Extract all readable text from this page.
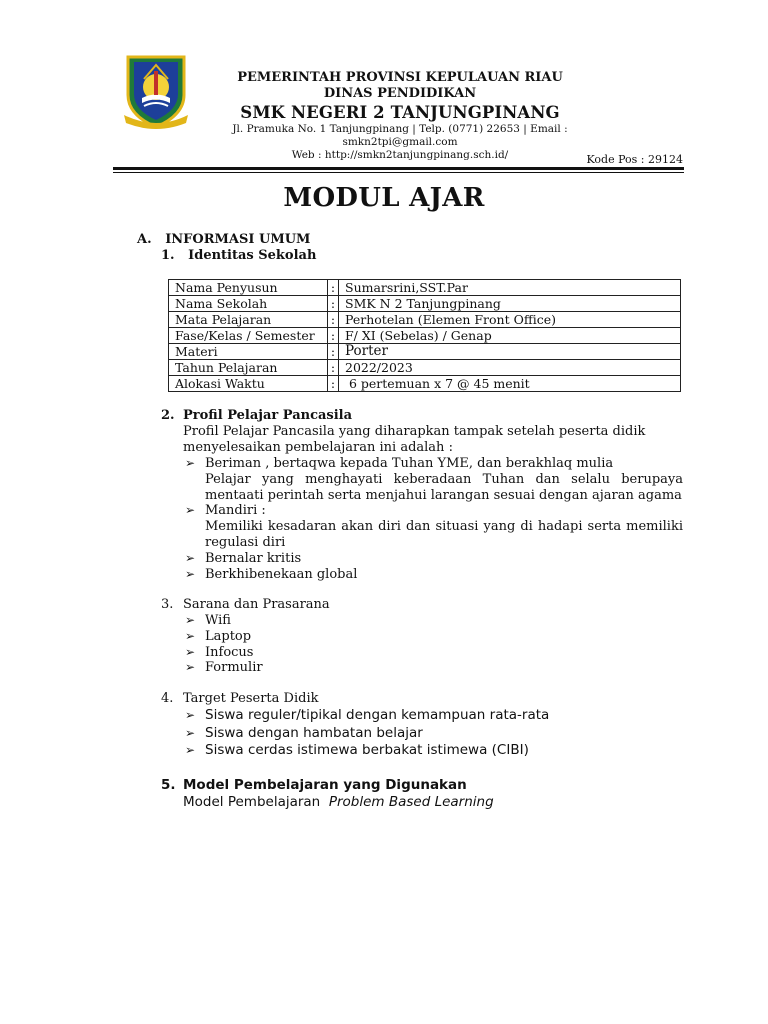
PEMERINTAH PROVINSI KEPULAUAN RIAU
DINAS PENDIDIKAN
SMK NEGERI 2 TANJUNGPINANG
Jl. Pramuka No. 1 Tanjungpinang | Telp. (0771) 22653 | Email : smkn2tpi@gmail.com
Web : http://smkn2tanjungpinang.sch.id/	Kode Pos : 29124
MODUL AJAR
A.   INFORMASI UMUM
1.   Identitas Sekolah
Nama Penyusun	:	Sumarsrini,SST.Par
Nama Sekolah	:	SMK N 2 Tanjungpinang
Mata Pelajaran	:	Perhotelan (Elemen Front Office)
Fase/Kelas / Semester	:	F/ XI (Sebelas) / Genap
Materi	:	Porter
Tahun Pelajaran	:	2022/2023
Alokasi Waktu	:	6 pertemuan x 7 @ 45 menit
2. Profil Pelajar Pancasila
Profil Pelajar Pancasila yang diharapkan tampak setelah peserta didik
menyelesaikan pembelajaran ini adalah :
➢ Beriman , bertaqwa kepada Tuhan YME, dan berakhlaq mulia
Pelajar yang menghayati keberadaan Tuhan dan selalu berupaya mentaati perintah serta menjahui larangan sesuai dengan ajaran agama
➢ Mandiri :
Memiliki kesadaran akan diri dan situasi yang di hadapi serta memiliki regulasi diri
➢ Bernalar kritis
➢ Berkhibenekaan global
3. Sarana dan Prasarana
➢ Wifi
➢ Laptop
➢ Infocus
➢ Formulir
4. Target Peserta Didik
➢ Siswa reguler/tipikal dengan kemampuan rata-rata
➢ Siswa dengan hambatan belajar
➢ Siswa cerdas istimewa berbakat istimewa (CIBI)
5. Model Pembelajaran yang Digunakan
Model Pembelajaran  Problem Based Learning
